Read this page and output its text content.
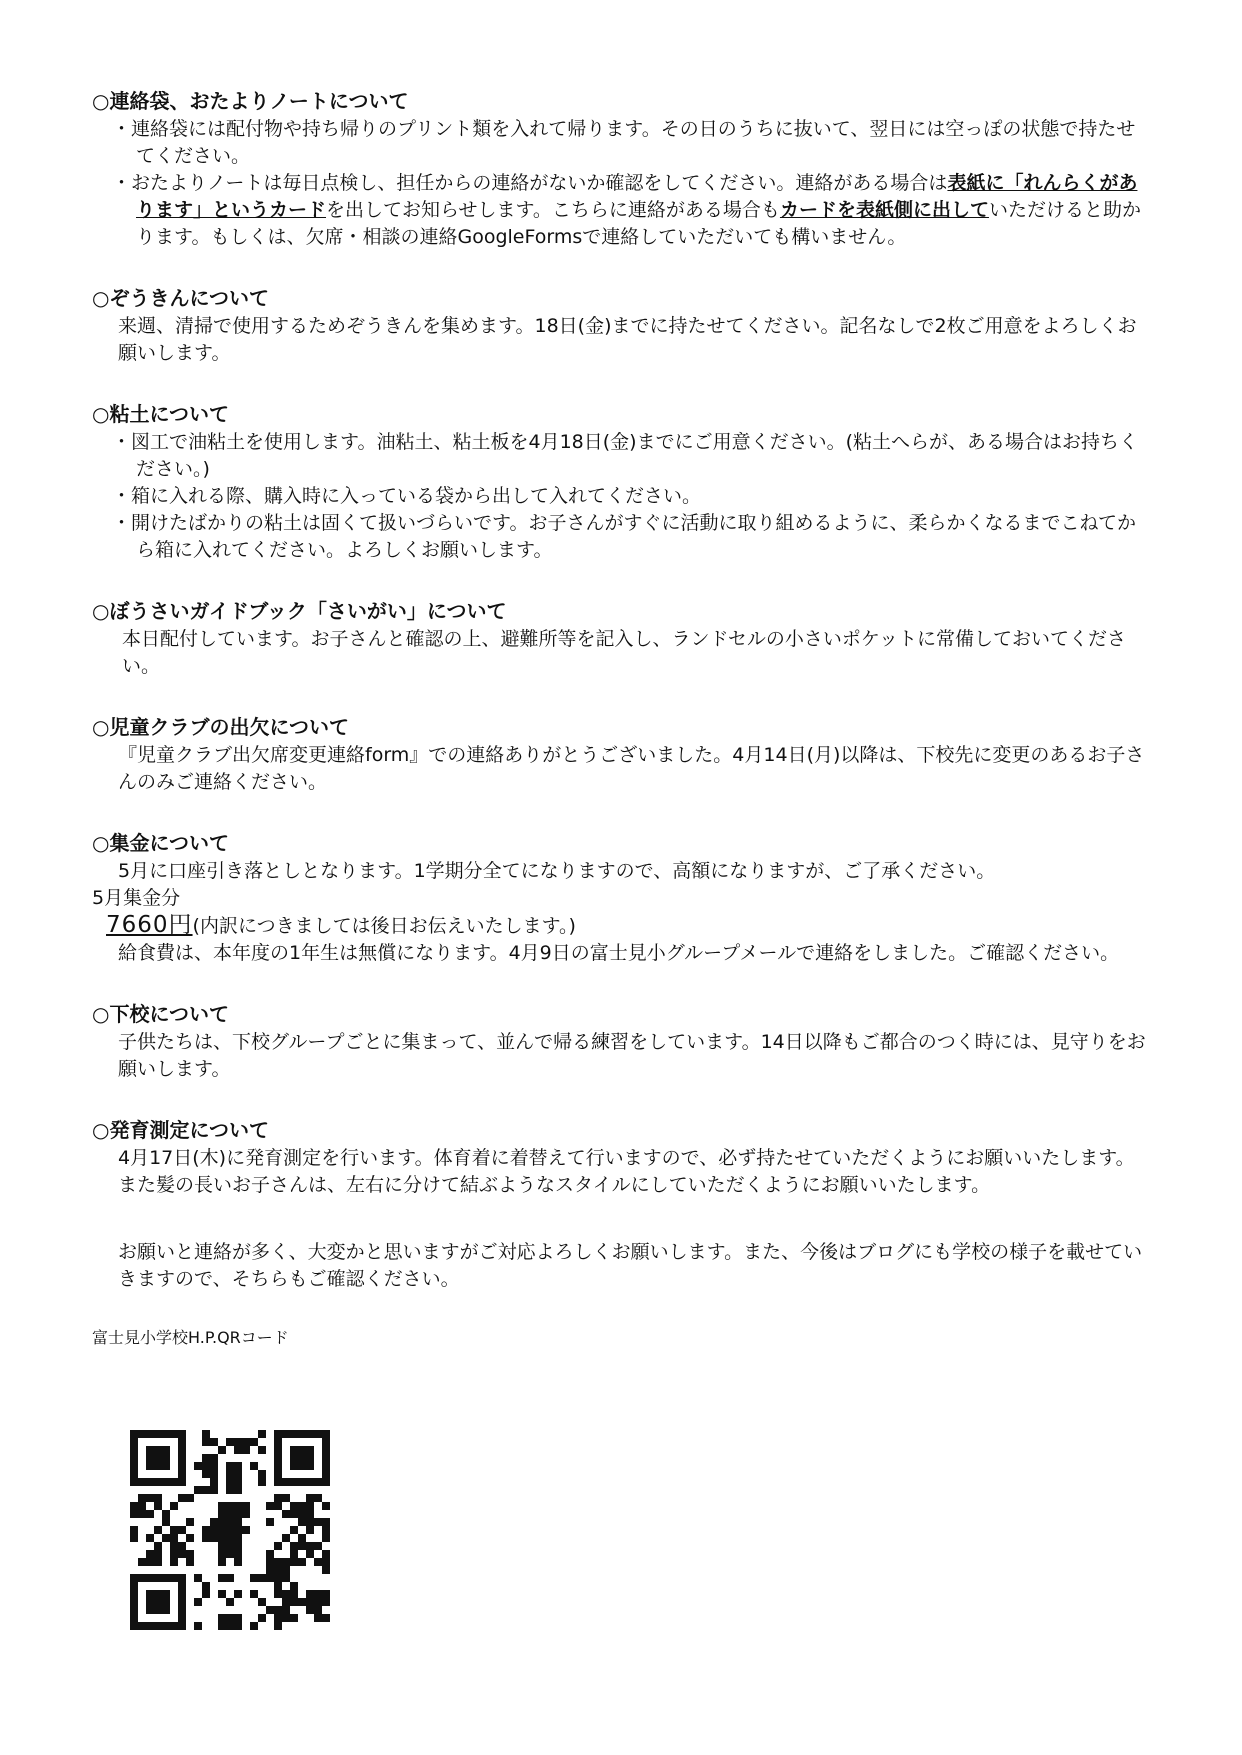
○連絡袋、おたよりノートについて

・連絡袋には配付物や持ち帰りのプリント類を入れて帰ります。その日のうちに抜いて、翌日には空っぽの状態で持たせてください。

・おたよりノートは毎日点検し、担任からの連絡がないか確認をしてください。連絡がある場合は表紙に「れんらくがあります」というカードを出してお知らせします。こちらに連絡がある場合もカードを表紙側に出していただけると助かります。もしくは、欠席・相談の連絡GoogleFormsで連絡していただいても構いません。

○ぞうきんについて

来週、清掃で使用するためぞうきんを集めます。18日(金)までに持たせてください。記名なしで2枚ご用意をよろしくお願いします。

○粘土について

・図工で油粘土を使用します。油粘土、粘土板を4月18日(金)までにご用意ください。(粘土へらが、ある場合はお持ちください。)

・箱に入れる際、購入時に入っている袋から出して入れてください。

・開けたばかりの粘土は固くて扱いづらいです。お子さんがすぐに活動に取り組めるように、柔らかくなるまでこねてから箱に入れてください。よろしくお願いします。

○ぼうさいガイドブック「さいがい」について

本日配付しています。お子さんと確認の上、避難所等を記入し、ランドセルの小さいポケットに常備しておいてください。

○児童クラブの出欠について

『児童クラブ出欠席変更連絡form』での連絡ありがとうございました。4月14日(月)以降は、下校先に変更のあるお子さんのみご連絡ください。

○集金について

5月に口座引き落としとなります。1学期分全てになりますので、高額になりますが、ご了承ください。

5月集金分

7660円(内訳につきましては後日お伝えいたします。)

給食費は、本年度の1年生は無償になります。4月9日の富士見小グループメールで連絡をしました。ご確認ください。

○下校について

子供たちは、下校グループごとに集まって、並んで帰る練習をしています。14日以降もご都合のつく時には、見守りをお願いします。

○発育測定について

4月17日(木)に発育測定を行います。体育着に着替えて行いますので、必ず持たせていただくようにお願いいたします。また髪の長いお子さんは、左右に分けて結ぶようなスタイルにしていただくようにお願いいたします。

お願いと連絡が多く、大変かと思いますがご対応よろしくお願いします。また、今後はブログにも学校の様子を載せていきますので、そちらもご確認ください。

富士見小学校H.P.QRコード
